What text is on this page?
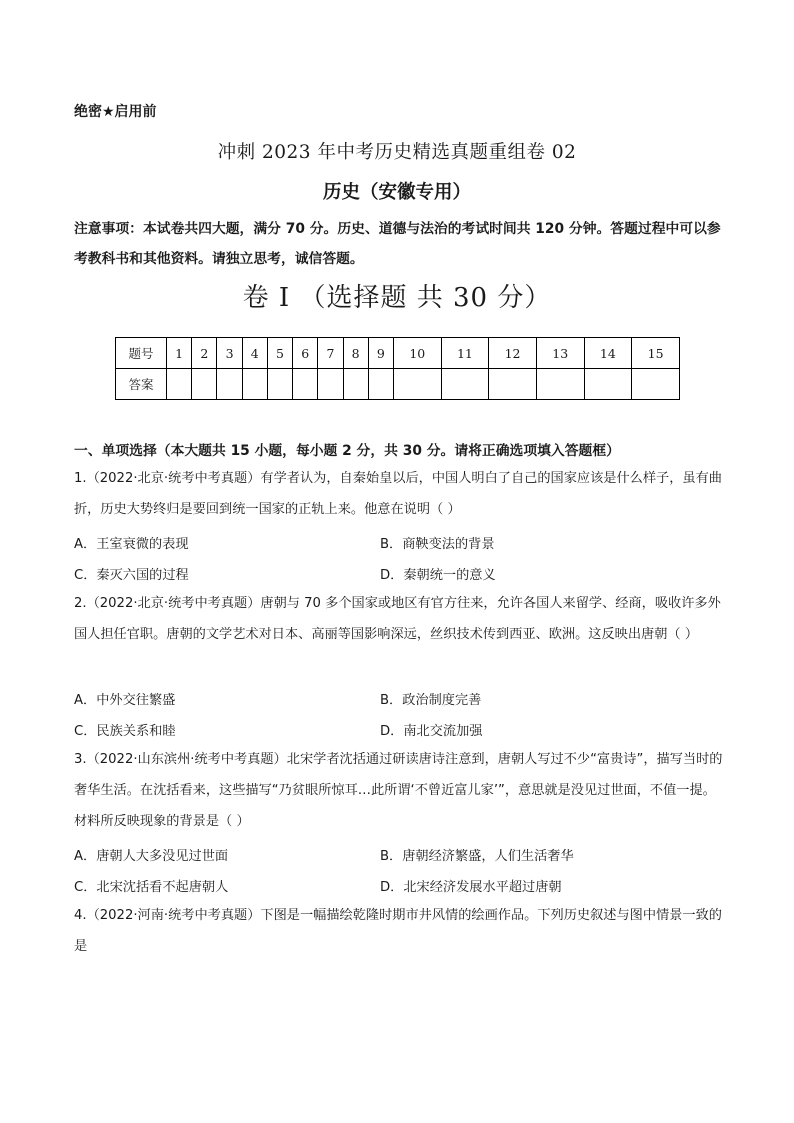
绝密★启用前
冲刺 2023 年中考历史精选真题重组卷 02
历史（安徽专用）
注意事项：本试卷共四大题，满分 70 分。历史、道德与法治的考试时间共 120 分钟。答题过程中可以参考教科书和其他资料。请独立思考，诚信答题。
卷 I （选择题 共 30 分）
题号	1	2	3	4	5	6	7	8	9	10	11	12	13	14	15
答案															
一、单项选择（本大题共 15 小题，每小题 2 分，共 30 分。请将正确选项填入答题框）
1.（2022·北京·统考中考真题）有学者认为，自秦始皇以后，中国人明白了自己的国家应该是什么样子，虽有曲折，历史大势终归是要回到统一国家的正轨上来。他意在说明（ ）
A．王室衰微的表现	B．商鞅变法的背景
C．秦灭六国的过程	D．秦朝统一的意义
2.（2022·北京·统考中考真题）唐朝与 70 多个国家或地区有官方往来，允许各国人来留学、经商，吸收许多外国人担任官职。唐朝的文学艺术对日本、高丽等国影响深远，丝织技术传到西亚、欧洲。这反映出唐朝（ ）
A．中外交往繁盛	B．政治制度完善
C．民族关系和睦	D．南北交流加强
3.（2022·山东滨州·统考中考真题）北宋学者沈括通过研读唐诗注意到，唐朝人写过不少“富贵诗”，描写当时的奢华生活。在沈括看来，这些描写“乃贫眼所惊耳…此所谓‘不曾近富儿家’”，意思就是没见过世面，不值一提。材料所反映现象的背景是（ ）
A．唐朝人大多没见过世面	B．唐朝经济繁盛，人们生活奢华
C．北宋沈括看不起唐朝人	D．北宋经济发展水平超过唐朝
4.（2022·河南·统考中考真题）下图是一幅描绘乾隆时期市井风情的绘画作品。下列历史叙述与图中情景一致的是
